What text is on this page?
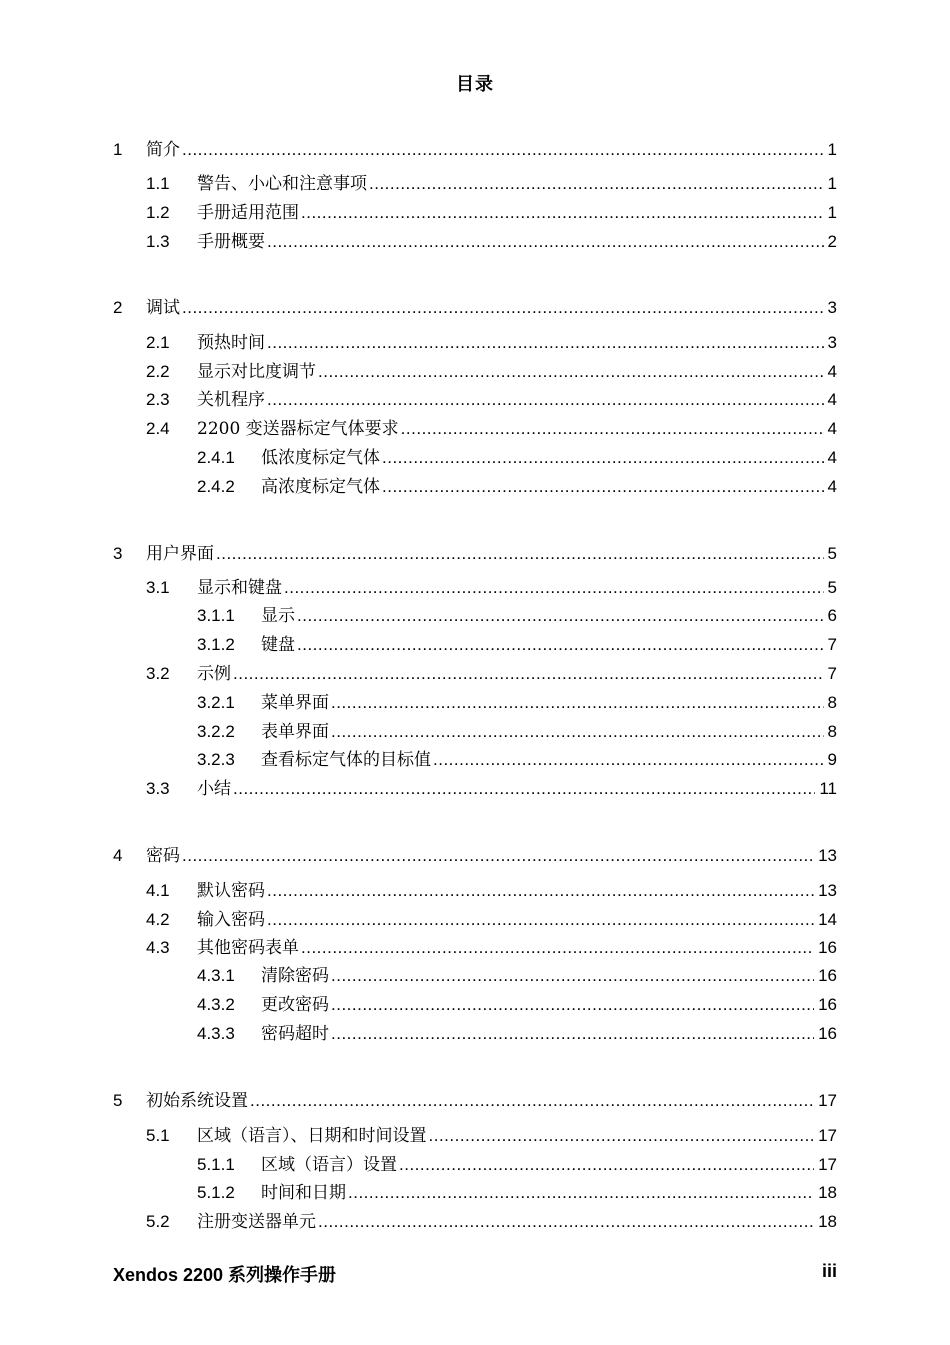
目录
1 简介 .....	1
1.1 警告、小心和注意事项 .....	1
1.2 手册适用范围 .....	1
1.3 手册概要 .....	2
2 调试 .....	3
2.1 预热时间 .....	3
2.2 显示对比度调节 .....	4
2.3 关机程序 .....	4
2.4 2200 变送器标定气体要求 .....	4
2.4.1 低浓度标定气体 .....	4
2.4.2 高浓度标定气体 .....	4
3 用户界面 .....	5
3.1 显示和键盘 .....	5
3.1.1 显示 .....	6
3.1.2 键盘 .....	7
3.2 示例 .....	7
3.2.1 菜单界面 .....	8
3.2.2 表单界面 .....	8
3.2.3 查看标定气体的目标值 .....	9
3.3 小结 .....	11
4 密码 .....	13
4.1 默认密码 .....	13
4.2 输入密码 .....	14
4.3 其他密码表单 .....	16
4.3.1 清除密码 .....	16
4.3.2 更改密码 .....	16
4.3.3 密码超时 .....	16
5 初始系统设置 .....	17
5.1 区域（语言）、日期和时间设置 .....	17
5.1.1 区域（语言）设置 .....	17
5.1.2 时间和日期 .....	18
5.2 注册变送器单元 .....	18
Xendos 2200 系列操作手册	iii
